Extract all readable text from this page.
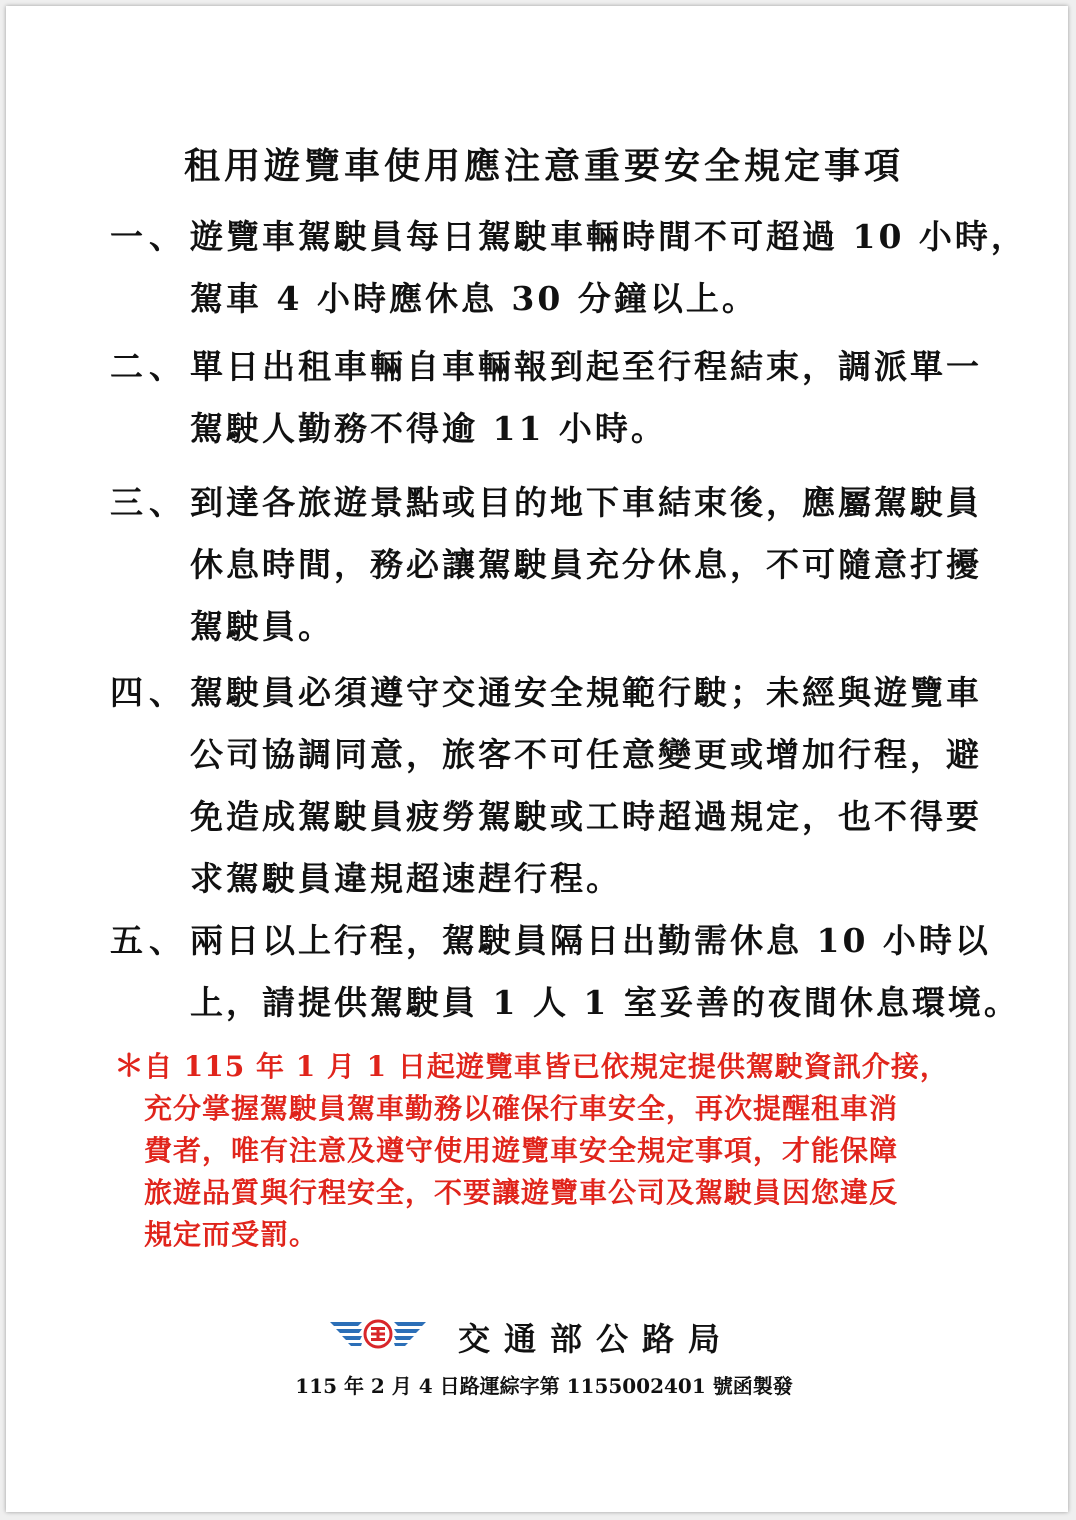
租用遊覽車使用應注意重要安全規定事項
一、 遊覽車駕駛員每日駕駛車輛時間不可超過 10 小時，
駕車 4 小時應休息 30 分鐘以上。
二、 單日出租車輛自車輛報到起至行程結束，調派單一
駕駛人勤務不得逾 11 小時。
三、 到達各旅遊景點或目的地下車結束後，應屬駕駛員
休息時間，務必讓駕駛員充分休息，不可隨意打擾
駕駛員。
四、 駕駛員必須遵守交通安全規範行駛；未經與遊覽車
公司協調同意，旅客不可任意變更或增加行程，避
免造成駕駛員疲勞駕駛或工時超過規定，也不得要
求駕駛員違規超速趕行程。
五、 兩日以上行程，駕駛員隔日出勤需休息 10 小時以
上，請提供駕駛員 1 人 1 室妥善的夜間休息環境。
＊ 自 115 年 1 月 1 日起遊覽車皆已依規定提供駕駛資訊介接，
充分掌握駕駛員駕車勤務以確保行車安全，再次提醒租車消
費者，唯有注意及遵守使用遊覽車安全規定事項，才能保障
旅遊品質與行程安全，不要讓遊覽車公司及駕駛員因您違反
規定而受罰。
交通部公路局
115 年 2 月 4 日路運綜字第 1155002401 號函製發
